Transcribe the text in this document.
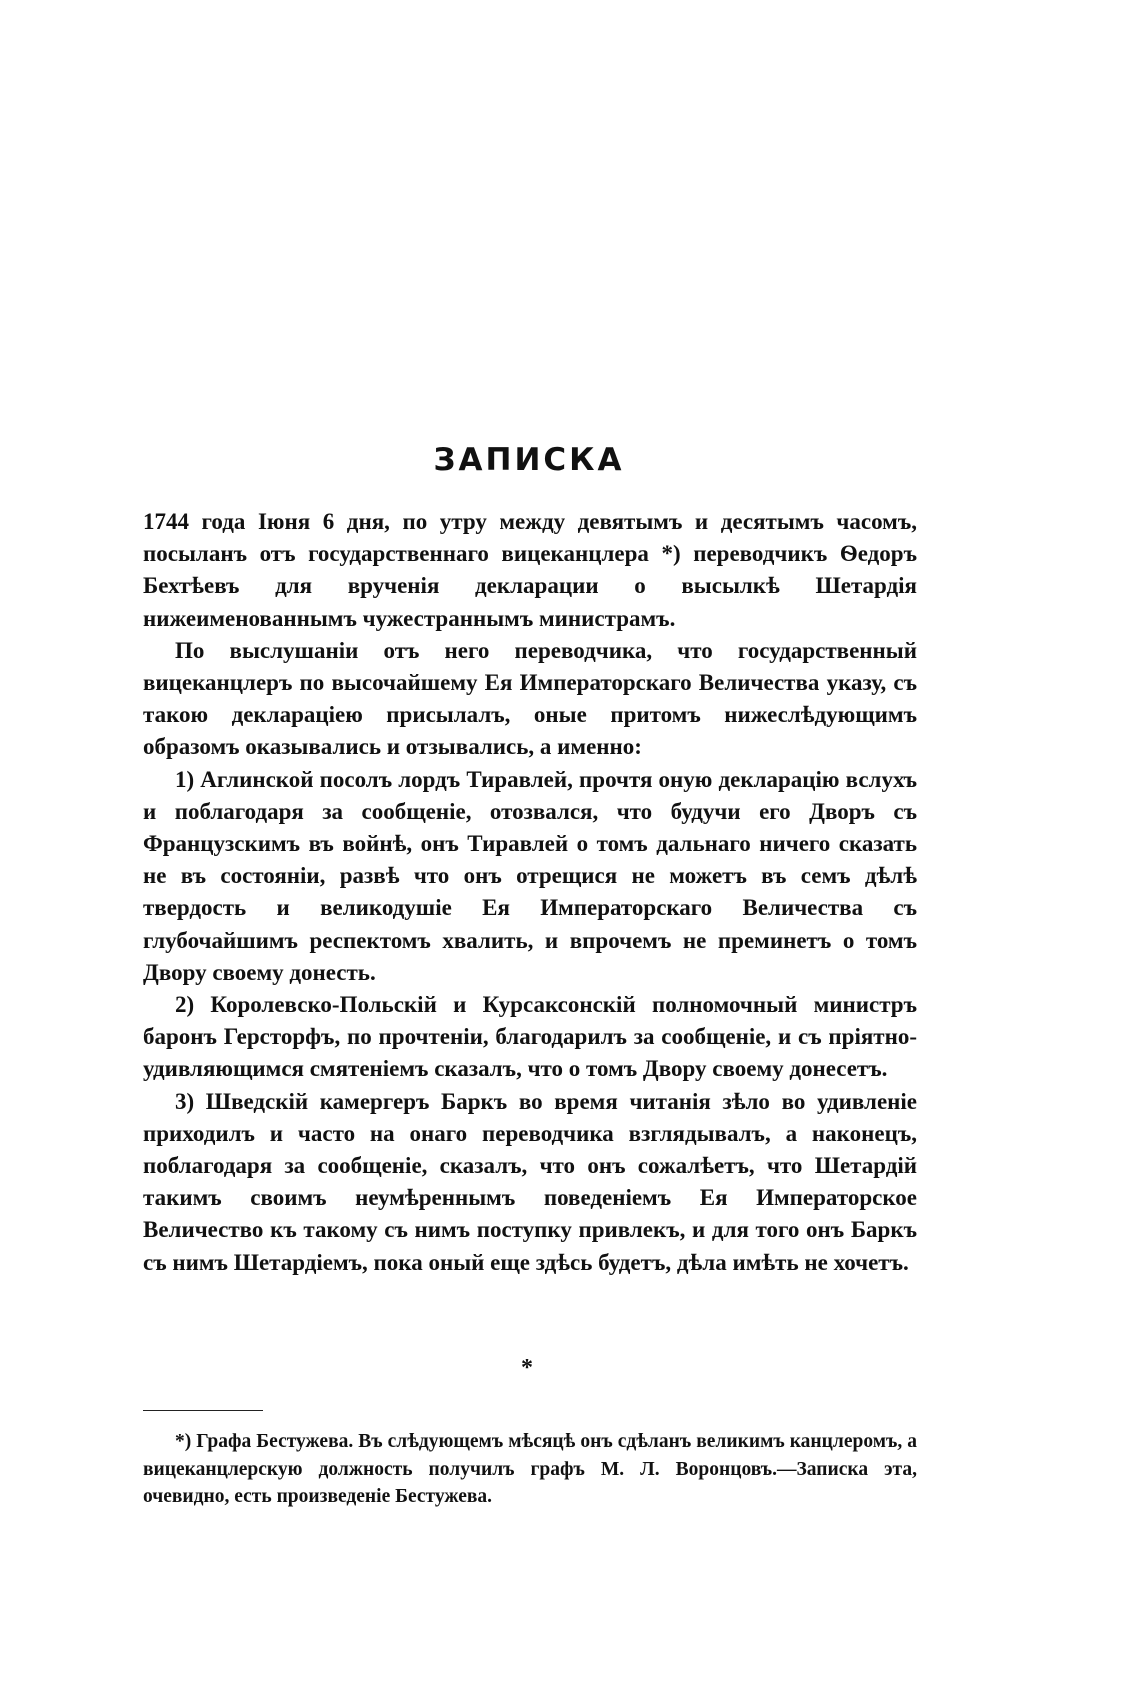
ЗАПИСКА

1744 года Іюня 6 дня, по утру между девятымъ и десятымъ часомъ, посыланъ отъ государственнаго вицеканцлера *) переводчикъ Ѳедоръ Бехтѣевъ для врученія декларации о высылкѣ Шетардія нижеименованнымъ чужестраннымъ министрамъ.

По выслушаніи отъ него переводчика, что государственный вицеканцлеръ по высочайшему Ея Императорскаго Величества указу, съ такою декларацiею присылалъ, оные притомъ нижеслѣдующимъ образомъ оказывались и отзывались, а именно:

1) Аглинской посолъ лордъ Тиравлей, прочтя оную декларацію вслухъ и поблагодаря за сообщеніе, отозвался, что будучи его Дворъ съ Французскимъ въ войнѣ, онъ Тиравлей о томъ дальнаго ничего сказать не въ состояніи, развѣ что онъ отрещися не можетъ въ семъ дѣлѣ твердость и великодушіе Ея Императорскаго Величества съ глубочайшимъ респектомъ хвалить, и впрочемъ не преминетъ о томъ Двору своему донесть.

2) Королевско-Польскій и Курсаксонскій полномочный министръ баронъ Герсторфъ, по прочтеніи, благодарилъ за сообщеніе, и съ пріятно-удивляющимся смятеніемъ сказалъ, что о томъ Двору своему донесетъ.

3) Шведскій камергеръ Баркъ во время читанія зѣло во удивленіе приходилъ и часто на онаго переводчика взглядывалъ, а наконецъ, поблагодаря за сообщеніе, сказалъ, что онъ сожалѣетъ, что Шетардій такимъ своимъ неумѣреннымъ поведеніемъ Ея Императорское Величество къ такому съ нимъ поступку привлекъ, и для того онъ Баркъ съ нимъ Шетардіемъ, пока оный еще здѣсь будетъ, дѣла имѣть не хочетъ.

*

*) Графа Бестужева. Въ слѣдующемъ мѣсяцѣ онъ сдѣланъ великимъ канцлеромъ, а вицеканцлерскую должность получилъ графъ М. Л. Воронцовъ.—Записка эта, очевидно, есть произведеніе Бестужева.
